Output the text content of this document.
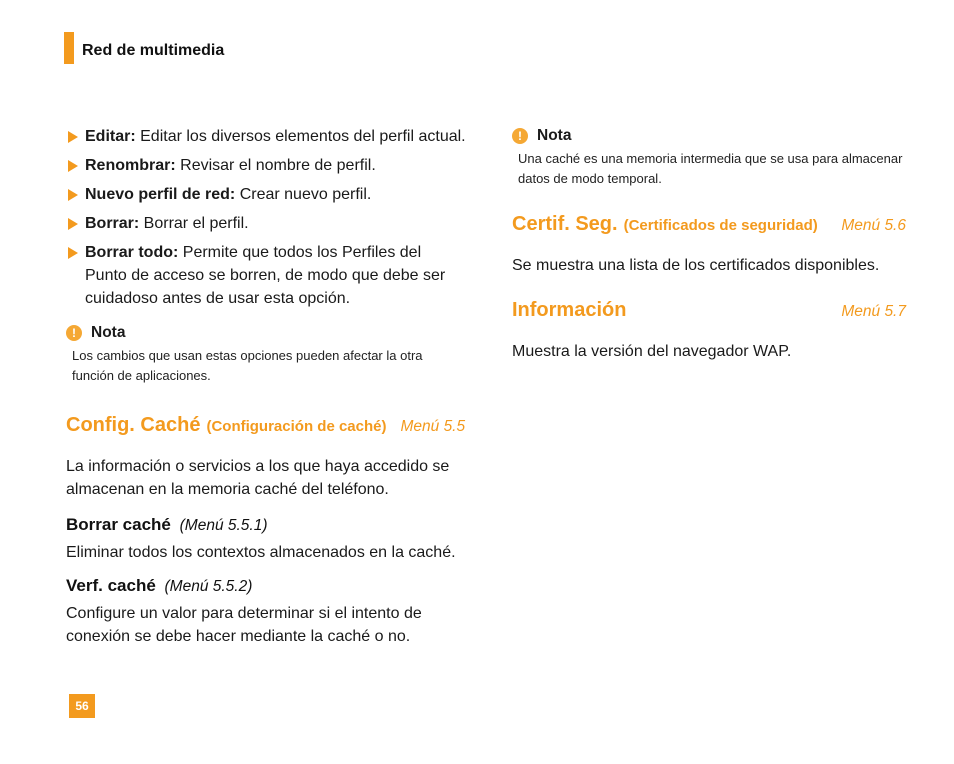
Red de multimedia
Editar: Editar los diversos elementos del perfil actual.
Renombrar: Revisar el nombre de perfil.
Nuevo perfil de red: Crear nuevo perfil.
Borrar: Borrar el perfil.
Borrar todo: Permite que todos los Perfiles del Punto de acceso se borren, de modo que debe ser cuidadoso antes de usar esta opción.
! Nota
Los cambios que usan estas opciones pueden afectar la otra función de aplicaciones.
Config. Caché (Configuración de caché) Menú 5.5
La información o servicios a los que haya accedido se almacenan en la memoria caché del teléfono.
Borrar caché (Menú 5.5.1)
Eliminar todos los contextos almacenados en la caché.
Verf. caché (Menú 5.5.2)
Configure un valor para determinar si el intento de conexión se debe hacer mediante la caché o no.
! Nota
Una caché es una memoria intermedia que se usa para almacenar datos de modo temporal.
Certif. Seg. (Certificados de seguridad) Menú 5.6
Se muestra una lista de los certificados disponibles.
Información	Menú 5.7
Muestra la versión del navegador WAP.
56
